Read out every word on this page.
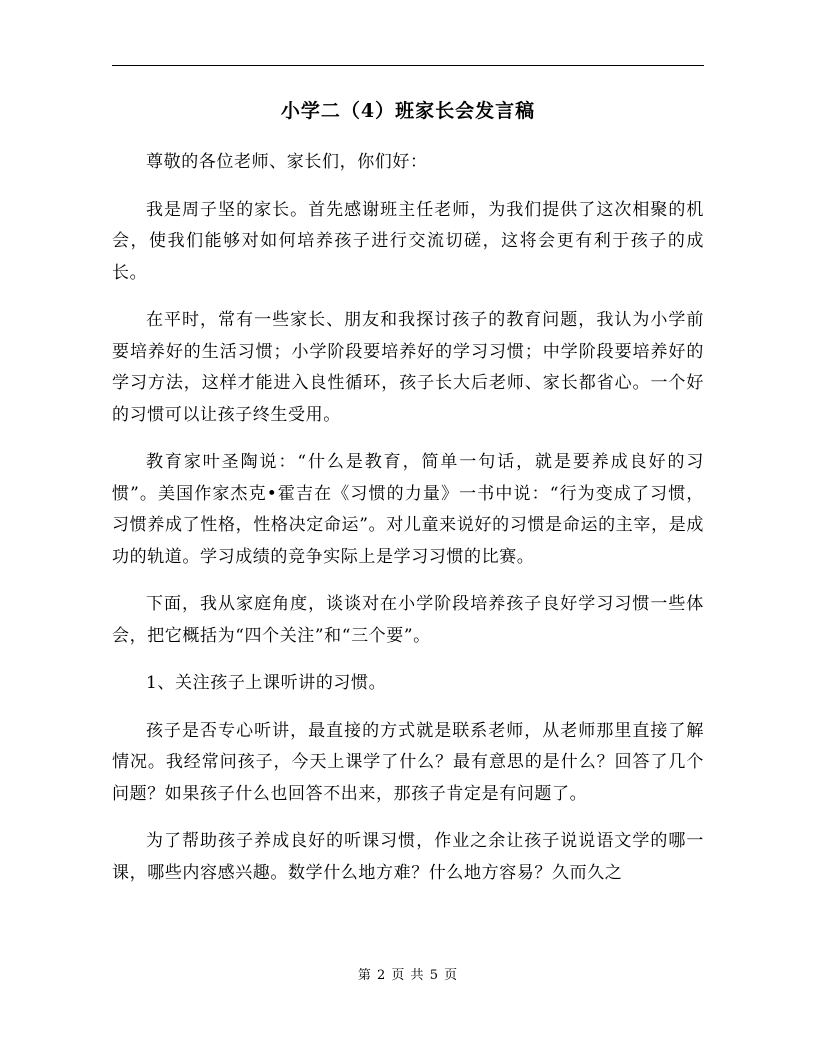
小学二（4）班家长会发言稿

尊敬的各位老师、家长们，你们好：

我是周子坚的家长。首先感谢班主任老师，为我们提供了这次相聚的机会，使我们能够对如何培养孩子进行交流切磋，这将会更有利于孩子的成长。

在平时，常有一些家长、朋友和我探讨孩子的教育问题，我认为小学前要培养好的生活习惯；小学阶段要培养好的学习习惯；中学阶段要培养好的学习方法，这样才能进入良性循环，孩子长大后老师、家长都省心。一个好的习惯可以让孩子终生受用。

教育家叶圣陶说：“什么是教育，简单一句话，就是要养成良好的习惯”。美国作家杰克•霍吉在《习惯的力量》一书中说：“行为变成了习惯，习惯养成了性格，性格决定命运”。对儿童来说好的习惯是命运的主宰，是成功的轨道。学习成绩的竞争实际上是学习习惯的比赛。

下面，我从家庭角度，谈谈对在小学阶段培养孩子良好学习习惯一些体会，把它概括为“四个关注”和“三个要”。

1、关注孩子上课听讲的习惯。

孩子是否专心听讲，最直接的方式就是联系老师，从老师那里直接了解情况。我经常问孩子，今天上课学了什么？最有意思的是什么？回答了几个问题？如果孩子什么也回答不出来，那孩子肯定是有问题了。

为了帮助孩子养成良好的听课习惯，作业之余让孩子说说语文学的哪一课，哪些内容感兴趣。数学什么地方难？什么地方容易？久而久之

第 2 页 共 5 页
